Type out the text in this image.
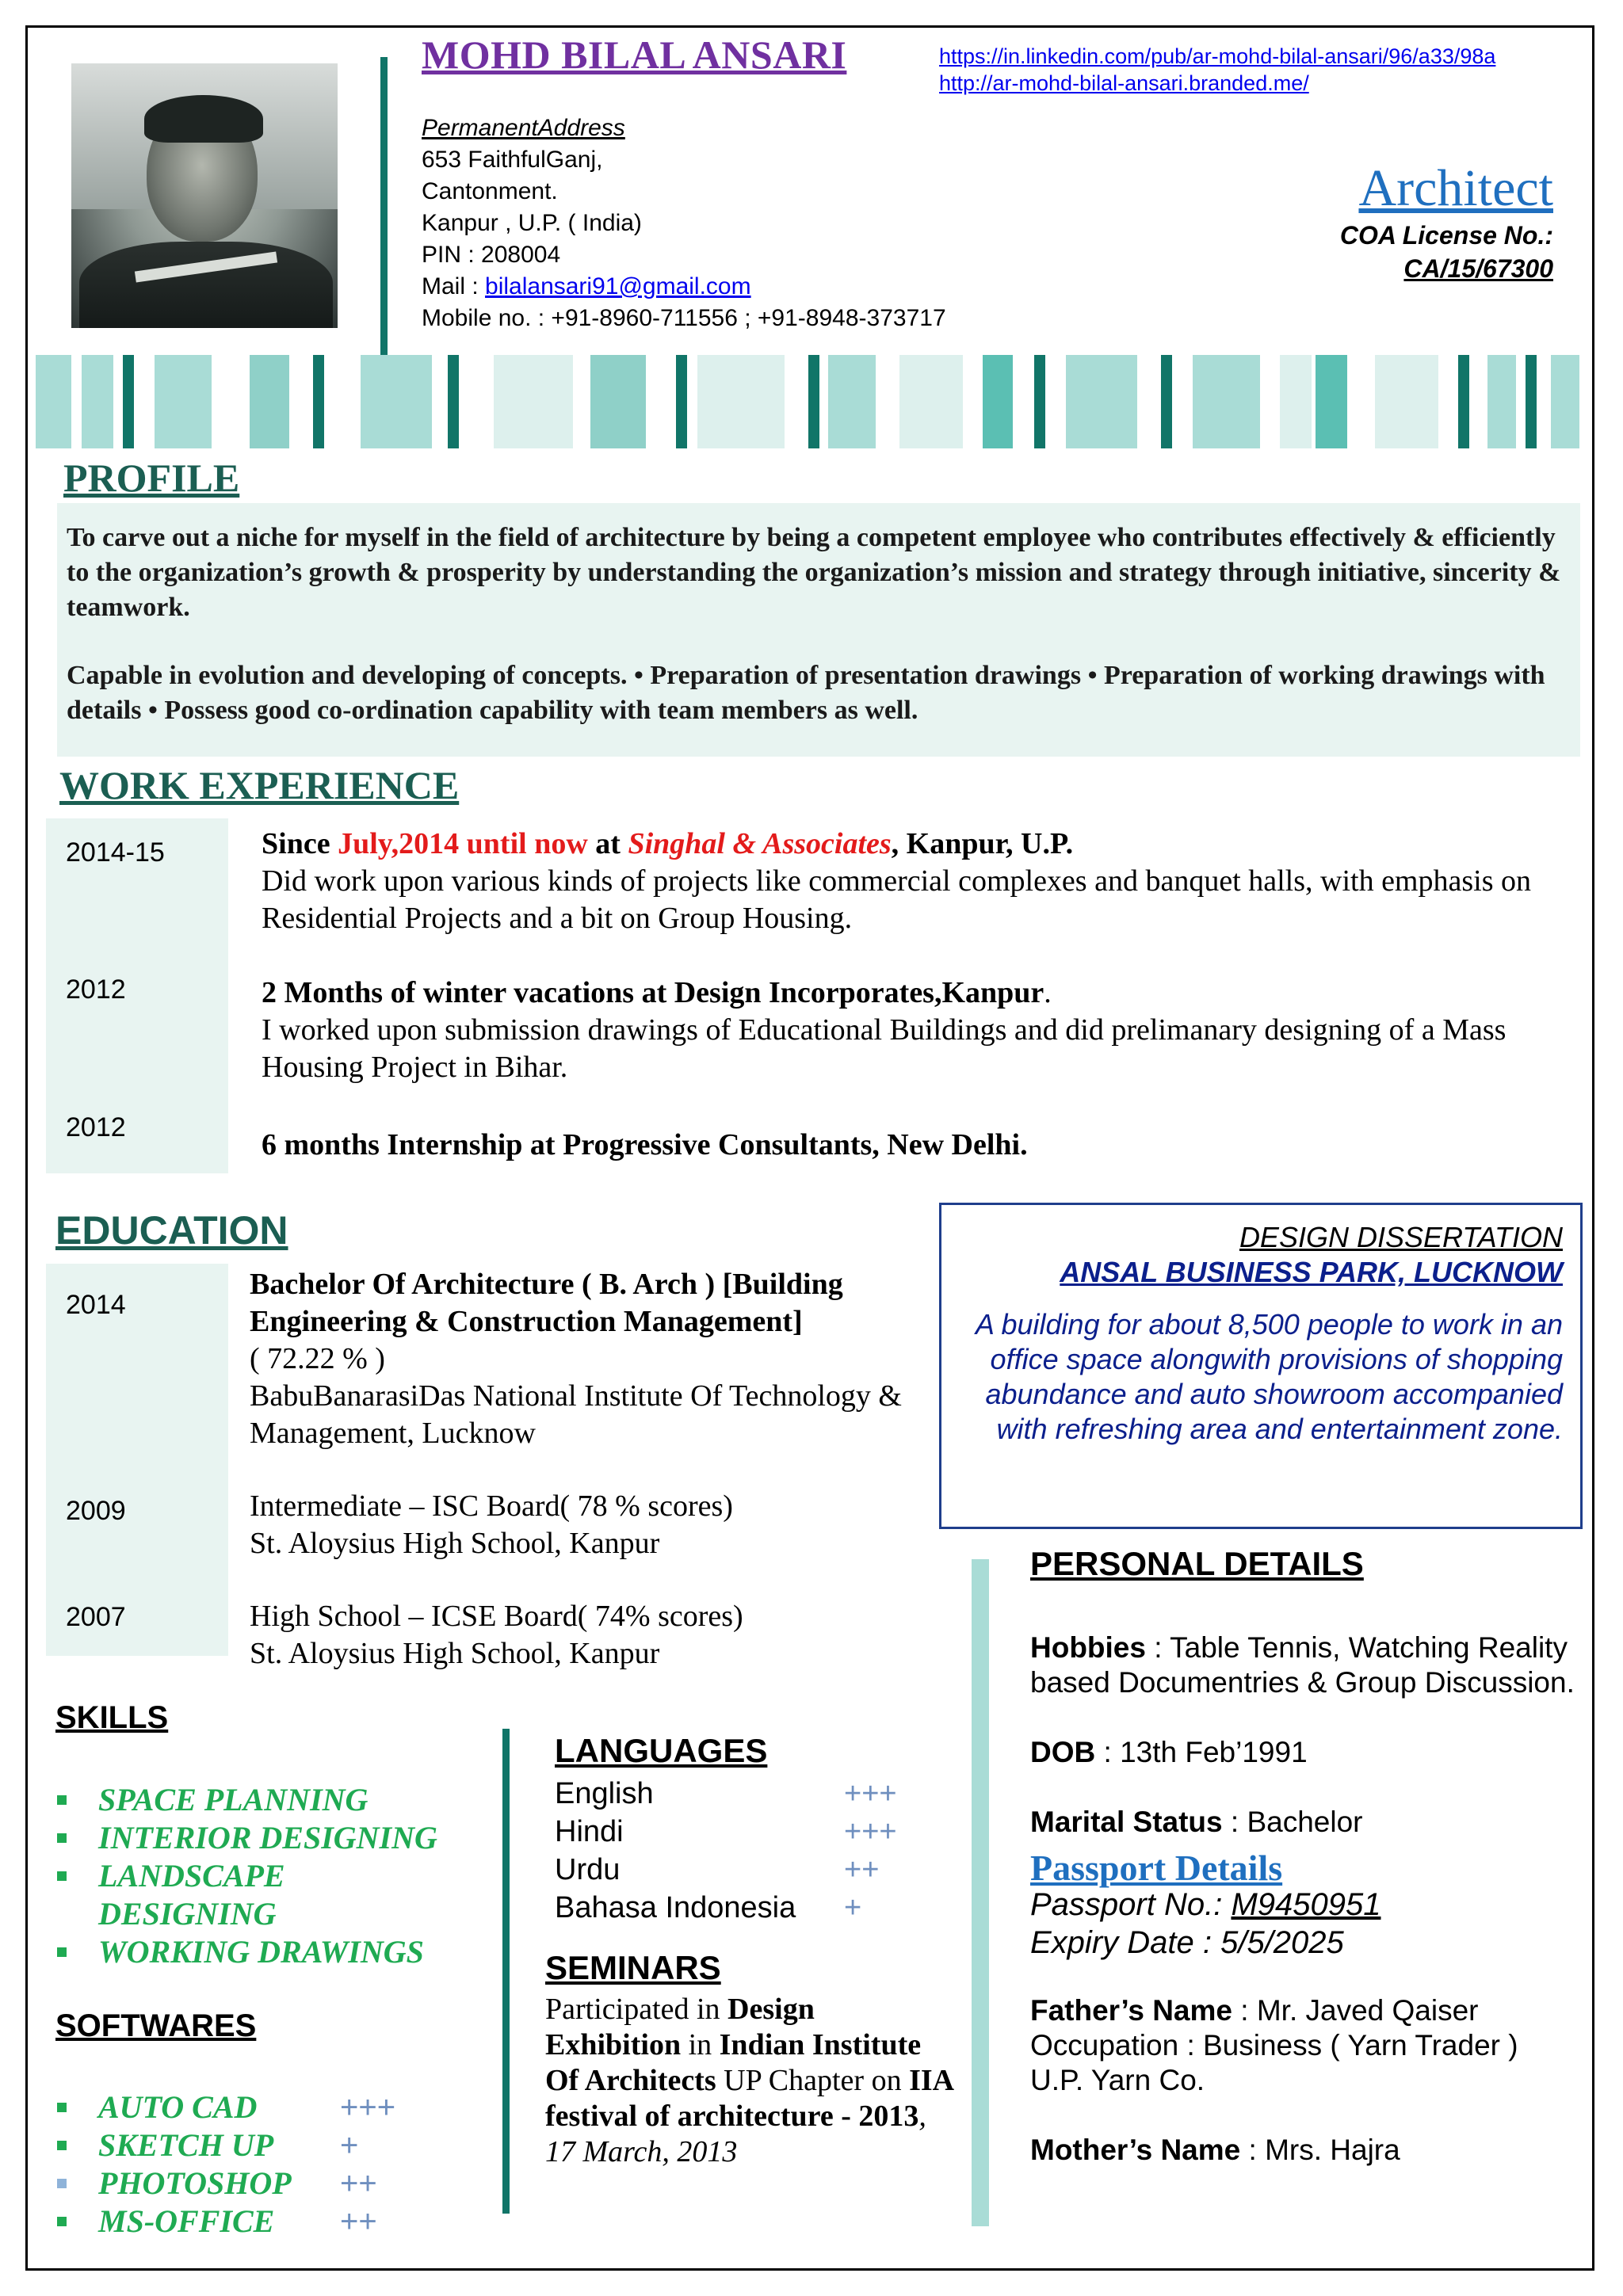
MOHD BILAL ANSARI	https://in.linkedin.com/pub/ar-mohd-bilal-ansari/96/a33/98a
http://ar-mohd-bilal-ansari.branded.me/
PermanentAddress
653 FaithfulGanj,
Cantonment.
Kanpur , U.P. ( India)
PIN : 208004
Mail : bilalansari91@gmail.com
Mobile no. : +91-8960-711556 ; +91-8948-373717
Architect
COA License No.:
CA/15/67300
PROFILE
To carve out a niche for myself in the field of architecture by being a competent employee who contributes effectively & efficiently to the organization’s growth & prosperity by understanding the organization’s mission and strategy through initiative, sincerity & teamwork.
Capable in evolution and developing of concepts. • Preparation of presentation drawings • Preparation of working drawings with details • Possess good co-ordination capability with team members as well.
WORK EXPERIENCE
2014-15	Since July,2014 until now at Singhal & Associates, Kanpur, U.P.
Did work upon various kinds of projects like commercial complexes and banquet halls, with emphasis on Residential Projects and a bit on Group Housing.
2012	2 Months of winter vacations at Design Incorporates,Kanpur.
I worked upon submission drawings of Educational Buildings and did prelimanary designing of a Mass Housing Project in Bihar.
2012
6 months Internship at Progressive Consultants, New Delhi.
EDUCATION
2014
Bachelor Of Architecture ( B. Arch ) [Building Engineering & Construction Management]
( 72.22 % )
BabuBanarasiDas National Institute Of Technology & Management, Lucknow
2009	Intermediate – ISC Board( 78 % scores)
St. Aloysius High School, Kanpur
2007	High School – ICSE Board( 74% scores)
St. Aloysius High School, Kanpur
DESIGN DISSERTATION
ANSAL BUSINESS PARK, LUCKNOW
A building for about 8,500 people to work in an office space alongwith provisions of shopping abundance and auto showroom accompanied with refreshing area and entertainment zone.
SKILLS
SPACE PLANNING
INTERIOR DESIGNING
LANDSCAPE
DESIGNING
WORKING DRAWINGS
SOFTWARES
AUTO CAD	+++
SKETCH UP +
PHOTOSHOP ++
MS-OFFICE ++
LANGUAGES
English	+++
Hindi	+++
Urdu	++
Bahasa Indonesia +
SEMINARS
Participated in Design Exhibition in Indian Institute Of Architects UP Chapter on IIA festival of architecture - 2013, 17 March, 2013
PERSONAL DETAILS
Hobbies : Table Tennis, Watching Reality based Documentries & Group Discussion.
DOB : 13th Feb’1991
Marital Status : Bachelor
Passport Details
Passport No.: M9450951
Expiry Date : 5/5/2025
Father’s Name : Mr. Javed Qaiser
Occupation : Business ( Yarn Trader )
U.P. Yarn Co.
Mother’s Name : Mrs. Hajra
